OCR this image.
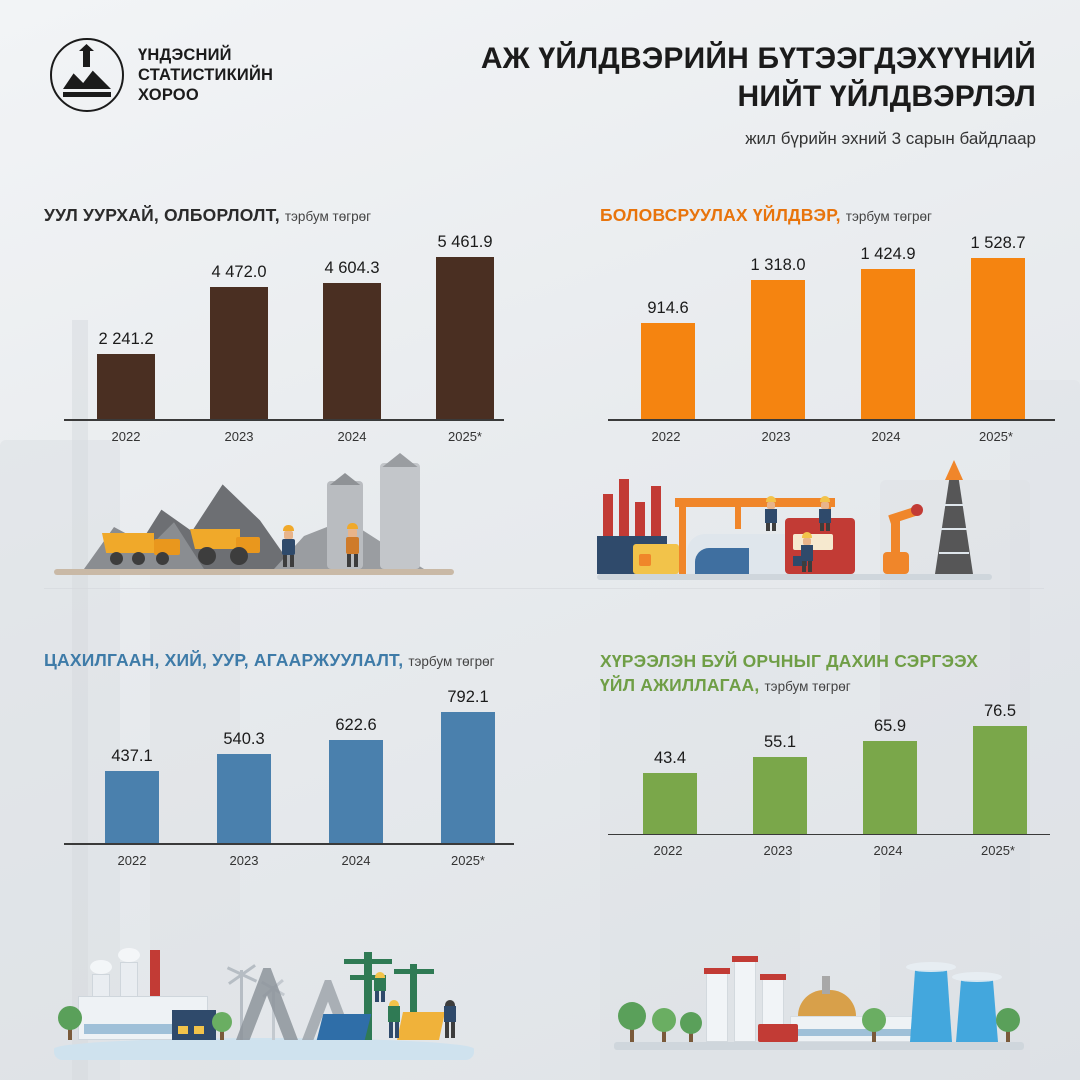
ҮНДЭСНИЙ
СТАТИСТИКИЙН
ХОРОО
АЖ ҮЙЛДВЭРИЙН БҮТЭЭГДЭХҮҮНИЙ
НИЙТ ҮЙЛДВЭРЛЭЛ
жил бүрийн эхний 3 сарын байдлаар
УУЛ УУРХАЙ, ОЛБОРЛОЛТ, тэрбум төгрөг
2 241.2
4 472.0	4 604.3
5 461.9
2022	2023	2024	2025*
БОЛОВСРУУЛАХ ҮЙЛДВЭР, тэрбум төгрөг
914.6
1 318.0
1 424.9
1 528.7
2022	2023	2024	2025*
ЦАХИЛГААН, ХИЙ, УУР, АГААРЖУУЛАЛТ, тэрбум төгрөг
437.1
540.3
622.6
792.1
2022	2023	2024	2025*
ХҮРЭЭЛЭН БУЙ ОРЧНЫГ ДАХИН СЭРГЭЭХ
ҮЙЛ АЖИЛЛАГАА, тэрбум төгрөг
43.4
55.1
65.9
76.5
2022	2023	2024	2025*
